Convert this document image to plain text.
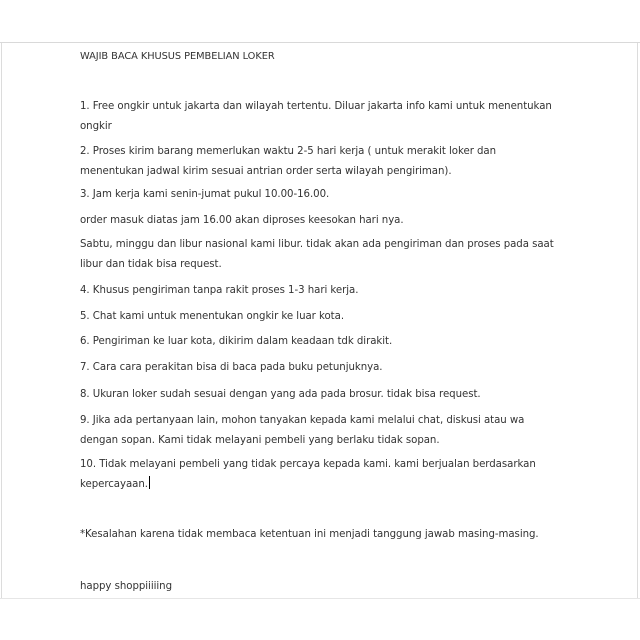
WAJIB BACA KHUSUS PEMBELIAN LOKER
1. Free ongkir untuk jakarta dan wilayah tertentu. Diluar jakarta info kami untuk menentukan ongkir
2. Proses kirim barang memerlukan waktu 2-5 hari kerja ( untuk merakit loker dan menentukan jadwal kirim sesuai antrian order serta wilayah pengiriman).
3. Jam kerja kami senin-jumat pukul 10.00-16.00.
order masuk diatas jam 16.00 akan diproses keesokan hari nya.
Sabtu, minggu dan libur nasional kami libur. tidak akan ada pengiriman dan proses pada saat libur dan tidak bisa request.
4. Khusus pengiriman tanpa rakit proses 1-3 hari kerja.
5. Chat kami untuk menentukan ongkir ke luar kota.
6. Pengiriman ke luar kota, dikirim dalam keadaan tdk dirakit.
7. Cara cara perakitan bisa di baca pada buku petunjuknya.
8. Ukuran loker sudah sesuai dengan yang ada pada brosur. tidak bisa request.
9. Jika ada pertanyaan lain, mohon tanyakan kepada kami melalui chat, diskusi atau wa dengan sopan. Kami tidak melayani pembeli yang berlaku tidak sopan.
10. Tidak melayani pembeli yang tidak percaya kepada kami. kami berjualan berdasarkan kepercayaan.
*Kesalahan karena tidak membaca ketentuan ini menjadi tanggung jawab masing-masing.
happy shoppiiiiing
